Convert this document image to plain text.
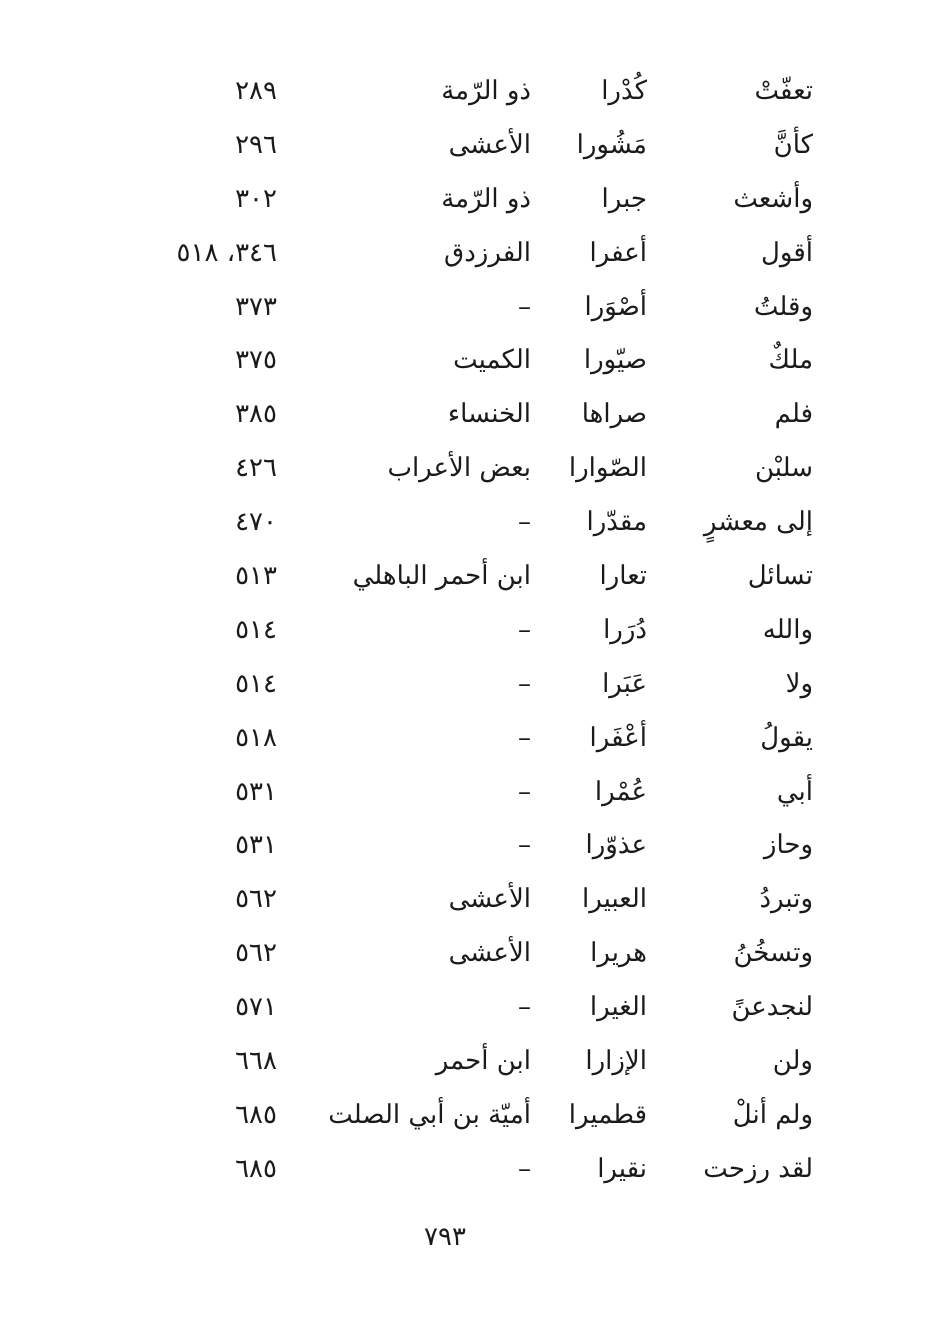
تعفّتْ
كُدْرا
ذو الرّمة
٢٨٩
كأنَّ
مَشُورا
الأعشى
٢٩٦
وأشعث
جبرا
ذو الرّمة
٣٠٢
أقول
أعفرا
الفرزدق
٣٤٦، ٥١٨
وقلتُ
أصْوَرا
–
٣٧٣
ملكٌ
صيّورا
الكميت
٣٧٥
فلم
صراها
الخنساء
٣٨٥
سلبْن
الصّوارا
بعض الأعراب
٤٢٦
إلى معشرٍ
مقدّرا
–
٤٧٠
تسائل
تعارا
ابن أحمر الباهلي
٥١٣
والله
دُرَرا
–
٥١٤
ولا
عَبَرا
–
٥١٤
يقولُ
أعْفَرا
–
٥١٨
أبي
عُمْرا
–
٥٣١
وحاز
عذوّرا
–
٥٣١
وتبردُ
العبيرا
الأعشى
٥٦٢
وتسخُنُ
هريرا
الأعشى
٥٦٢
لنجدعنً
الغيرا
–
٥٧١
ولن
الإزارا
ابن أحمر
٦٦٨
ولم أنلْ
قطميرا
أميّة بن أبي الصلت
٦٨٥
لقد رزحت
نقيرا
–
٦٨٥
٧٩٣
